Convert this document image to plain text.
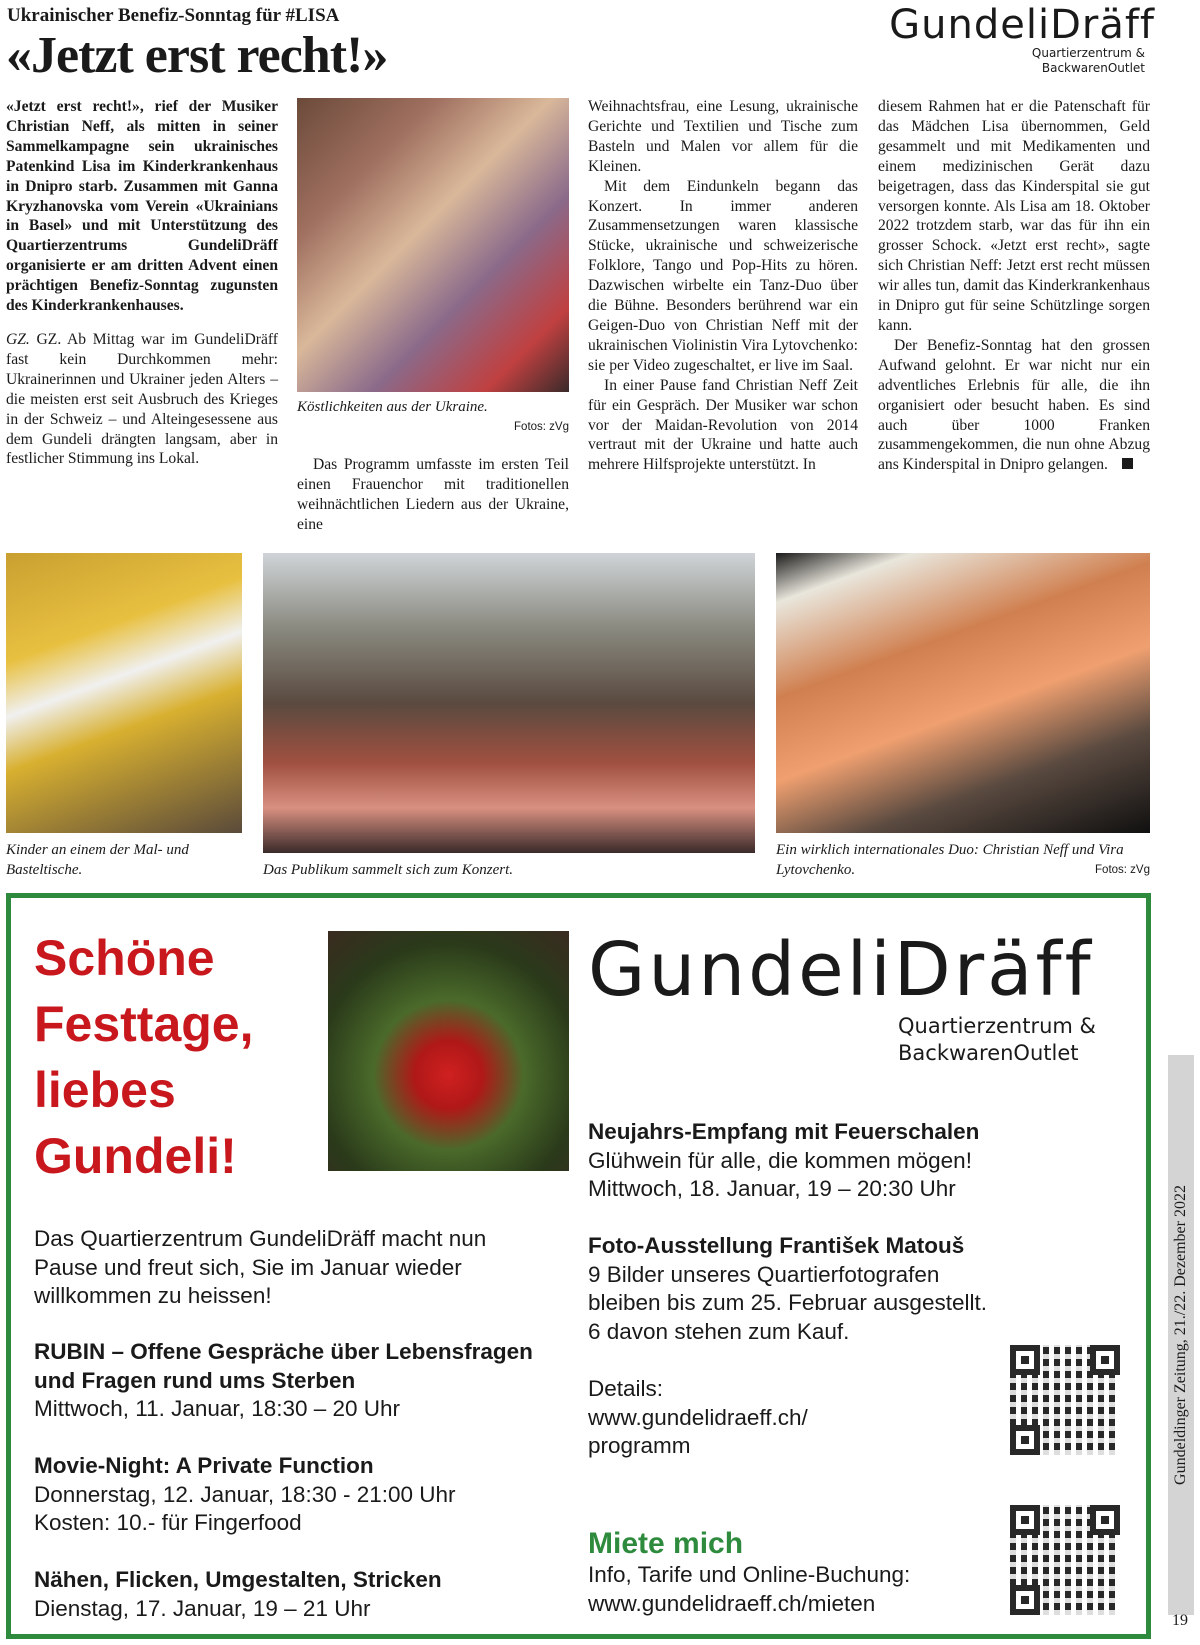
Ukrainischer Benefiz-Sonntag für #LISA
«Jetzt erst recht!»
GundeliDräff
Quartierzentrum &
BackwarenOutlet

«Jetzt erst recht!», rief der Musiker Christian Neff, als mitten in seiner Sammelkampagne sein ukrainisches Patenkind Lisa im Kinderkrankenhaus in Dnipro starb. Zusammen mit Ganna Kryzhanovska vom Verein «Ukrainians in Basel» und mit Unterstützung des Quartierzentrums GundeliDräff organisierte er am dritten Advent einen prächtigen Benefiz-Sonntag zugunsten des Kinderkrankenhauses.

GZ. GZ. Ab Mittag war im GundeliDräff fast kein Durchkommen mehr: Ukrainerinnen und Ukrainer jeden Alters – die meisten erst seit Ausbruch des Krieges in der Schweiz – und Alteingesessene aus dem Gundeli drängten langsam, aber in festlicher Stimmung ins Lokal.

Köstlichkeiten aus der Ukraine.
Fotos: zVg

Das Programm umfasste im ersten Teil einen Frauenchor mit traditionellen weihnächtlichen Liedern aus der Ukraine, eine

Weihnachtsfrau, eine Lesung, ukrainische Gerichte und Textilien und Tische zum Basteln und Malen vor allem für die Kleinen.

Mit dem Eindunkeln begann das Konzert. In immer anderen Zusammensetzungen waren klassische Stücke, ukrainische und schweizerische Folklore, Tango und Pop-Hits zu hören. Dazwischen wirbelte ein Tanz-Duo über die Bühne. Besonders berührend war ein Geigen-Duo von Christian Neff mit der ukrainischen Violinistin Vira Lytovchenko: sie per Video zugeschaltet, er live im Saal.

In einer Pause fand Christian Neff Zeit für ein Gespräch. Der Musiker war schon vor der Maidan-Revolution von 2014 vertraut mit der Ukraine und hatte auch mehrere Hilfsprojekte unterstützt. In

diesem Rahmen hat er die Patenschaft für das Mädchen Lisa übernommen, Geld gesammelt und mit Medikamenten und einem medizinischen Gerät dazu beigetragen, dass das Kinderspital sie gut versorgen konnte. Als Lisa am 18. Oktober 2022 trotzdem starb, war das für ihn ein grosser Schock. «Jetzt erst recht», sagte sich Christian Neff: Jetzt erst recht müssen wir alles tun, damit das Kinderkrankenhaus in Dnipro gut für seine Schützlinge sorgen kann.

Der Benefiz-Sonntag hat den grossen Aufwand gelohnt. Er war nicht nur ein adventliches Erlebnis für alle, die ihn organisiert oder besucht haben. Es sind auch über 1000 Franken zusammengekommen, die nun ohne Abzug ans Kinderspital in Dnipro gelangen.

Kinder an einem der Mal- und Basteltische.	Das Publikum sammelt sich zum Konzert.
Ein wirklich internationales Duo: Christian Neff und Vira Lytovchenko.	Fotos: zVg
Schöne
Festtage,
liebes
Gundeli!
GundeliDräff
Quartierzentrum &
BackwarenOutlet
Das Quartierzentrum GundeliDräff macht nun Pause und freut sich, Sie im Januar wieder willkommen zu heissen!
RUBIN – Offene Gespräche über Lebensfragen und Fragen rund ums Sterben
Mittwoch, 11. Januar, 18:30 – 20 Uhr
Movie-Night: A Private Function
Donnerstag, 12. Januar, 18:30 - 21:00 Uhr
Kosten: 10.- für Fingerfood
Nähen, Flicken, Umgestalten, Stricken
Dienstag, 17. Januar, 19 – 21 Uhr
Neujahrs-Empfang mit Feuerschalen
Glühwein für alle, die kommen mögen!
Mittwoch, 18. Januar, 19 – 20:30 Uhr
Foto-Ausstellung František Matouš
9 Bilder unseres Quartierfotografen
bleiben bis zum 25. Februar ausgestellt.
6 davon stehen zum Kauf.
Details:
www.gundelidraeff.ch/
programm
Miete mich
Info, Tarife und Online-Buchung:
www.gundelidraeff.ch/mieten
Gundeldinger Zeitung, 21./22. Dezember 2022
19
